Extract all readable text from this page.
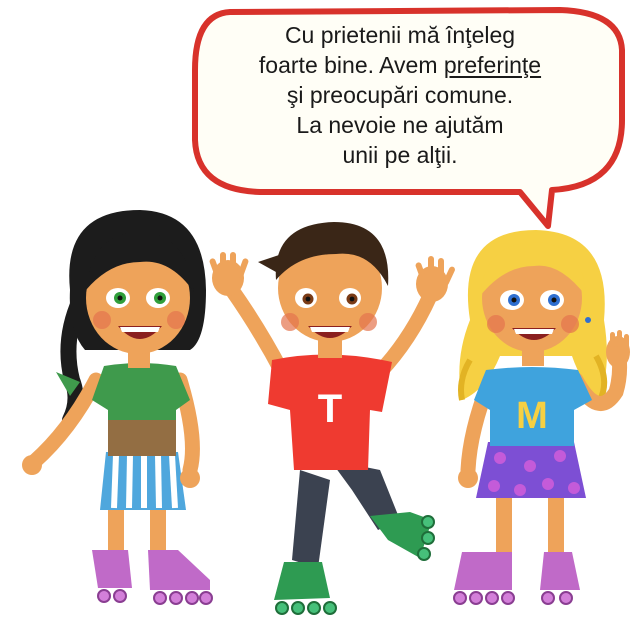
T	M
Cu prietenii mă înţeleg
foarte bine. Avem preferinţe
şi preocupări comune.
La nevoie ne ajutăm
unii pe alţii.
